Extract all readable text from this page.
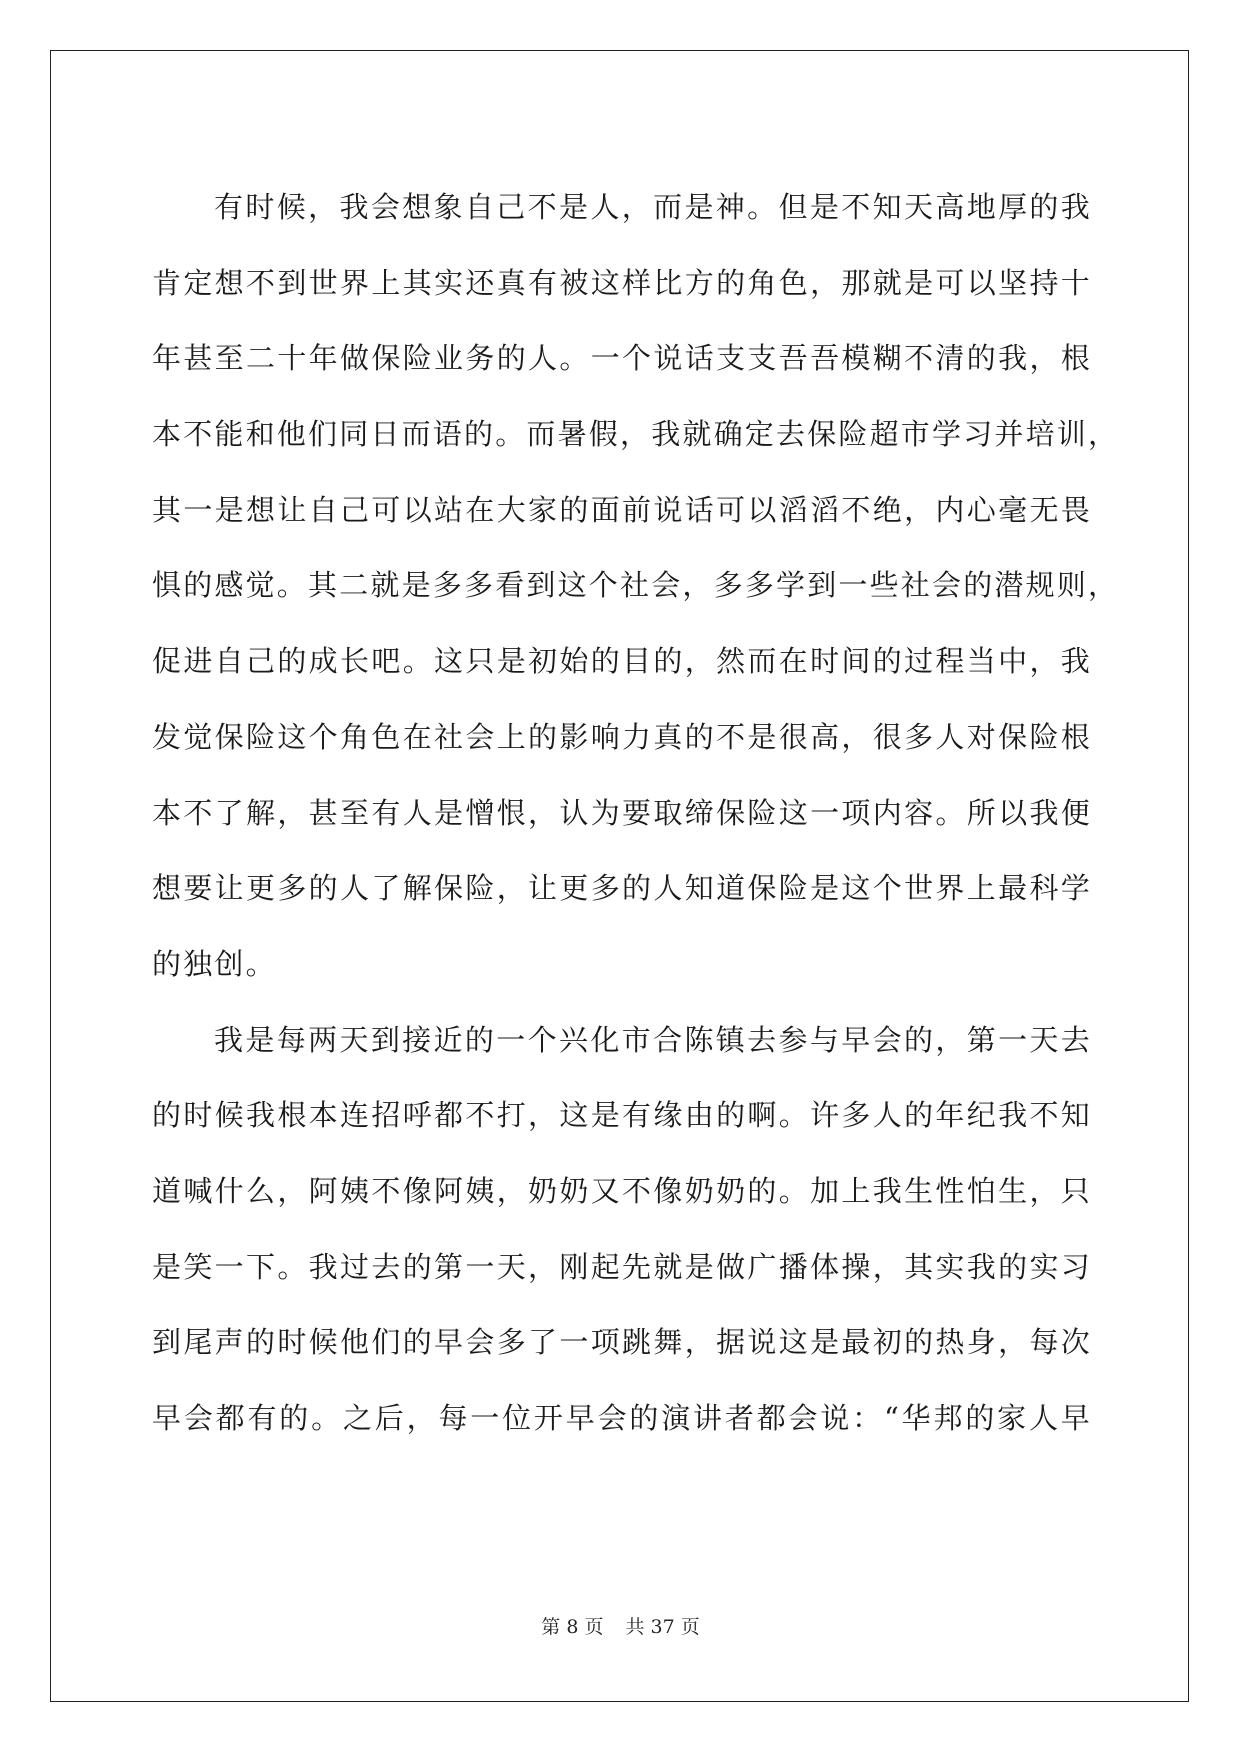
有时候，我会想象自己不是人，而是神。但是不知天高地厚的我
肯定想不到世界上其实还真有被这样比方的角色，那就是可以坚持十
年甚至二十年做保险业务的人。一个说话支支吾吾模糊不清的我，根
本不能和他们同日而语的。而暑假，我就确定去保险超市学习并培训，
其一是想让自己可以站在大家的面前说话可以滔滔不绝，内心毫无畏
惧的感觉。其二就是多多看到这个社会，多多学到一些社会的潜规则，
促进自己的成长吧。这只是初始的目的，然而在时间的过程当中，我
发觉保险这个角色在社会上的影响力真的不是很高，很多人对保险根
本不了解，甚至有人是憎恨，认为要取缔保险这一项内容。所以我便
想要让更多的人了解保险，让更多的人知道保险是这个世界上最科学
的独创。
我是每两天到接近的一个兴化市合陈镇去参与早会的，第一天去
的时候我根本连招呼都不打，这是有缘由的啊。许多人的年纪我不知
道喊什么，阿姨不像阿姨，奶奶又不像奶奶的。加上我生性怕生，只
是笑一下。我过去的第一天，刚起先就是做广播体操，其实我的实习
到尾声的时候他们的早会多了一项跳舞，据说这是最初的热身，每次
早会都有的。之后，每一位开早会的演讲者都会说：“华邦的家人早
第 8 页 共 37 页
